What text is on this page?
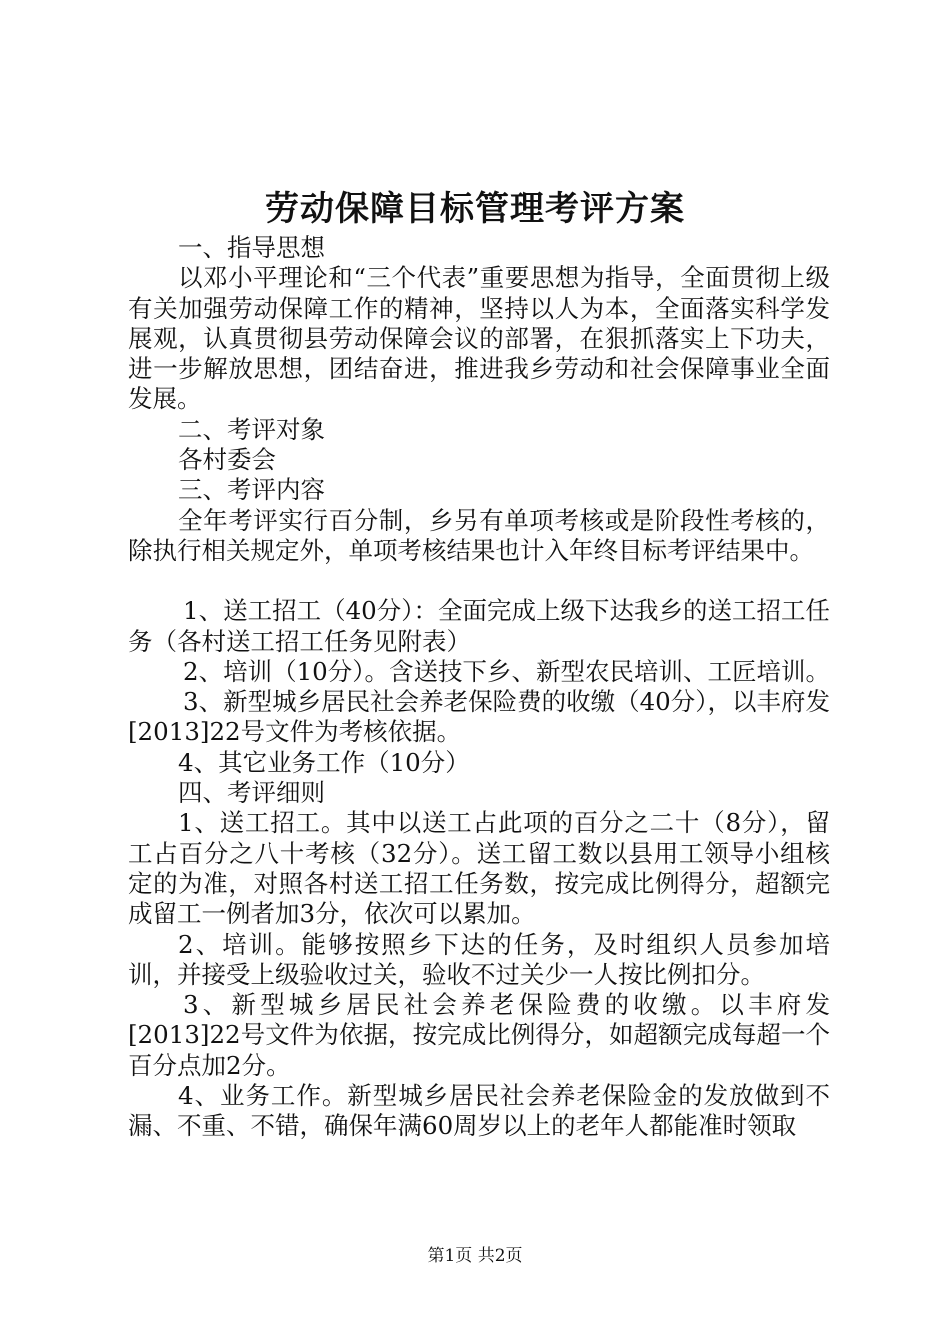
劳动保障目标管理考评方案

一、指导思想

以邓小平理论和“三个代表”重要思想为指导，全面贯彻上级有关加强劳动保障工作的精神，坚持以人为本，全面落实科学发展观，认真贯彻县劳动保障会议的部署，在狠抓落实上下功夫，进一步解放思想，团结奋进，推进我乡劳动和社会保障事业全面发展。

二、考评对象

各村委会

三、考评内容

全年考评实行百分制，乡另有单项考核或是阶段性考核的，除执行相关规定外，单项考核结果也计入年终目标考评结果中。

1、送工招工（40分）：全面完成上级下达我乡的送工招工任务（各村送工招工任务见附表）

2、培训（10分）。含送技下乡、新型农民培训、工匠培训。

3、新型城乡居民社会养老保险费的收缴（40分），以丰府发[2013]22号文件为考核依据。

4、其它业务工作（10分）

四、考评细则

1、送工招工。其中以送工占此项的百分之二十（8分），留工占百分之八十考核（32分）。送工留工数以县用工领导小组核定的为准，对照各村送工招工任务数，按完成比例得分，超额完成留工一例者加3分，依次可以累加。

2、培训。能够按照乡下达的任务，及时组织人员参加培训，并接受上级验收过关，验收不过关少一人按比例扣分。

3、新型城乡居民社会养老保险费的收缴。以丰府发[2013]22号文件为依据，按完成比例得分，如超额完成每超一个百分点加2分。

4、业务工作。新型城乡居民社会养老保险金的发放做到不漏、不重、不错，确保年满60周岁以上的老年人都能准时领取

第1页 共2页
